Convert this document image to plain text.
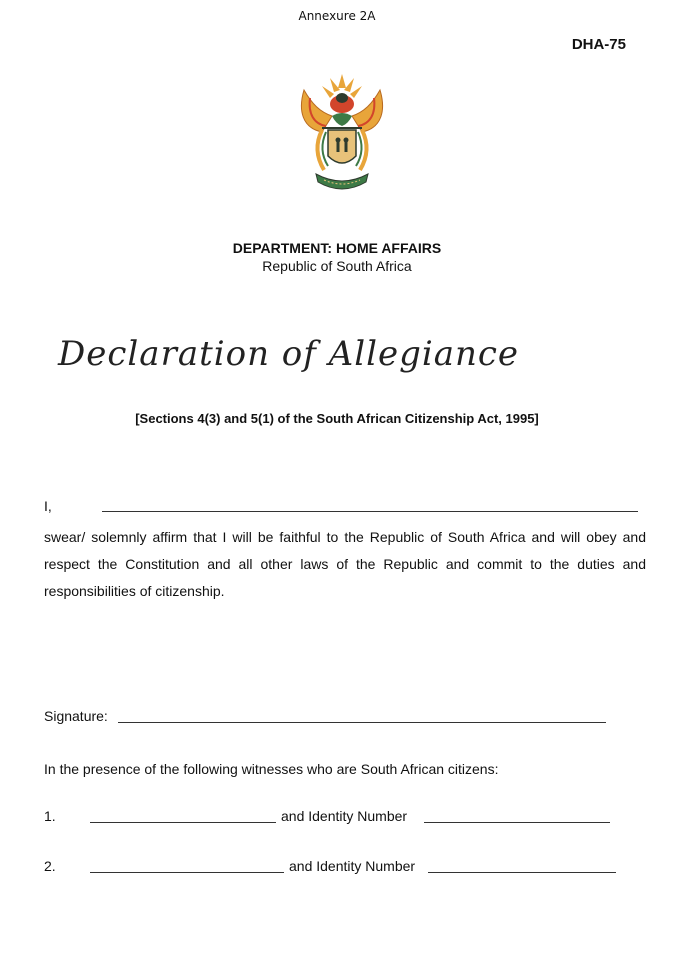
Annexure 2A
DHA-75
DEPARTMENT: HOME AFFAIRS
Republic of South Africa
Declaration of Allegiance
[Sections 4(3) and 5(1) of the South African Citizenship Act, 1995]
I,
swear/ solemnly affirm that I will be faithful to the Republic of South Africa and will obey and respect the Constitution and all other laws of the Republic and commit to the duties and responsibilities of citizenship.
Signature:
In the presence of the following witnesses who are South African citizens:
1.	and Identity Number
2.	and Identity Number
